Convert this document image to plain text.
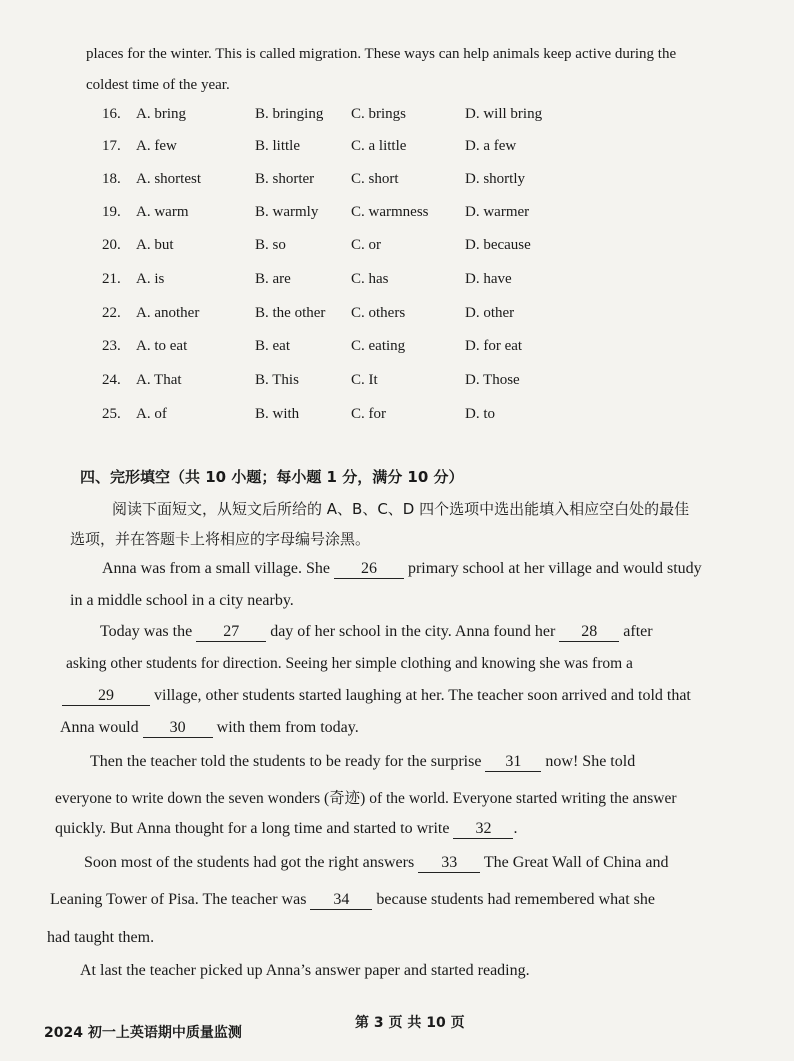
places for the winter. This is called migration. These ways can help animals keep active during the
coldest time of the year.
16. A. bring	B. bringing C. brings	D. will bring
17. A. few	B. little	C. a little	D. a few
18. A. shortest	B. shorter C. short	D. shortly
19. A. warm	B. warmly C. warmness D. warmer
20. A. but	B. so	C. or	D. because
21. A. is	B. are	C. has	D. have
22. A. another	B. the other C. others	D. other
23. A. to eat	B. eat	C. eating	D. for eat
24. A. That	B. This	C. It	D. Those
25. A. of	B. with	C. for	D. to
四、完形填空（共 10 小题；每小题 1 分，满分 10 分）
阅读下面短文，从短文后所给的 A、B、C、D 四个选项中选出能填入相应空白处的最佳
选项，并在答题卡上将相应的字母编号涂黑。
Anna was from a small village. She 26 primary school at her village and would study
in a middle school in a city nearby.
Today was the 27 day of her school in the city. Anna found her 28 after
asking other students for direction. Seeing her simple clothing and knowing she was from a
29	village, other students started laughing at her. The teacher soon arrived and told that
Anna would 30 with them from today.
Then the teacher told the students to be ready for the surprise 31 now! She told
everyone to write down the seven wonders (奇迹) of the world. Everyone started writing the answer
quickly. But Anna thought for a long time and started to write 32 .
Soon most of the students had got the right answers 33 The Great Wall of China and
Leaning Tower of Pisa. The teacher was 34 because students had remembered what she
had taught them.
At last the teacher picked up Anna’s answer paper and started reading.
2024 初一上英语期中质量监测
第 3 页 共 10 页
